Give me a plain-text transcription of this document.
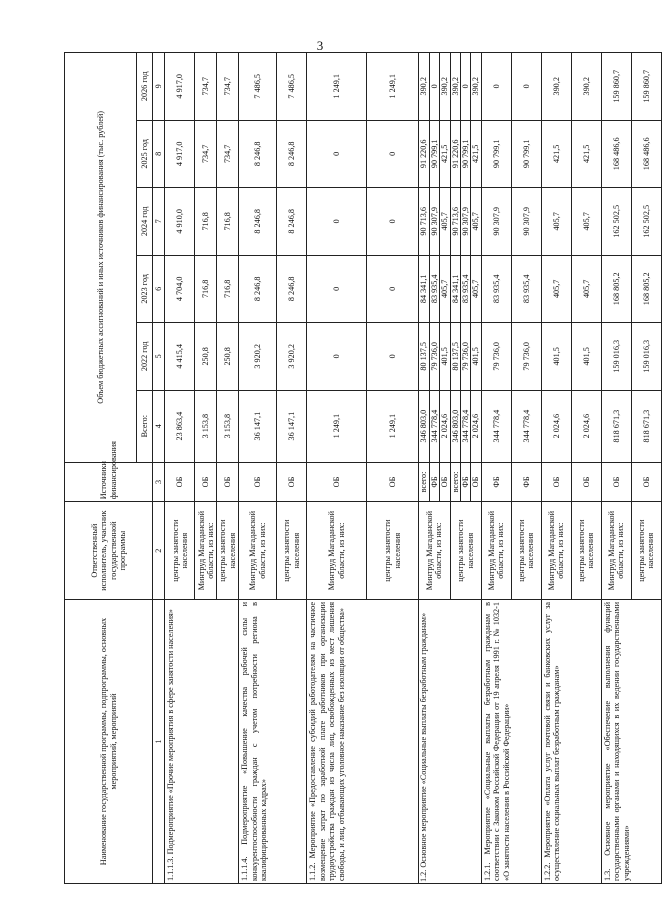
3
Наименование государственной программы, подпрограммы, основных мероприятий, мероприятий	Ответственный исполнитель, участник государственной программы	Источники финансирования	Объем бюджетных ассигнований и иных источников финансирования (тыс. рублей)					
			Всего:	2022 год	2023 год	2024 год	2025 год	2026 год
1	2	3	4	5	6	7	8	9
1.1.1.3. Подмероприятие «Прочие мероприятия в сфере занятости населения»	центры занятости населения	ОБ	23 863,4	4 415,4	4 704,0	4 910,0	4 917,0	4 917,0
	Минтруд Магаданской области, из них:	ОБ	3 153,8	250,8	716,8	716,8	734,7	734,7
	центры занятости населения	ОБ	3 153,8	250,8	716,8	716,8	734,7	734,7
1.1.1.4. Подмероприятие «Повышение качества рабочей силы и конкурентоспособности граждан с учетом потребности региона в квалифицированных кадрах»	Минтруд Магаданской области, из них:	ОБ	36 147,1	3 920,2	8 246,8	8 246,8	8 246,8	7 486,5
	центры занятости населения	ОБ	36 147,1	3 920,2	8 246,8	8 246,8	8 246,8	7 486,5
1.1.2. Мероприятие «Предоставление субсидий работодателям на частичное возмещение затрат по заработной плате работников при организации трудоустройства граждан из числа лиц, освобожденных из мест лишения свободы, и лиц, отбывающих уголовное наказание без изоляции от общества»	Минтруд Магаданской области, из них:	ОБ	1 249,1	0	0	0	0	1 249,1
	центры занятости населения	ОБ	1 249,1	0	0	0	0	1 249,1
1.2. Основное мероприятие «Социальные выплаты безработным гражданам»	Минтруд Магаданской области, из них:	всего:	346 803,0	80 137,5	84 341,1	90 713,6	91 220,6	390,2
		ФБ	344 778,4	79 736,0	83 935,4	90 307,9	90 799,1	0
		ОБ	2 024,6	401,5	405,7	405,7	421,5	390,2
	центры занятости населения	всего:	346 803,0	80 137,5	84 341,1	90 713,6	91 220,6	390,2
		ФБ	344 778,4	79 736,0	83 935,4	90 307,9	90 799,1	0
		ОБ	2 024,6	401,5	405,7	405,7	421,5	390,2
1.2.1. Мероприятие «Социальные выплаты безработным гражданам в соответствии с Законом Российской Федерации от 19 апреля 1991 г. № 1032-1 «О занятости населения в Российской Федерации»	Минтруд Магаданской области, из них:	ФБ	344 778,4	79 736,0	83 935,4	90 307,9	90 799,1	0
	центры занятости населения	ФБ	344 778,4	79 736,0	83 935,4	90 307,9	90 799,1	0
1.2.2. Мероприятие «Оплата услуг почтовой связи и банковских услуг за осуществление социальных выплат безработным гражданам»	Минтруд Магаданской области, из них:	ОБ	2 024,6	401,5	405,7	405,7	421,5	390,2
	центры занятости населения	ОБ	2 024,6	401,5	405,7	405,7	421,5	390,2
1.3. Основное мероприятие «Обеспечение выполнения функций государственными органами и находящихся в их ведении государственными учреждениями»	Минтруд Магаданской области, из них:	ОБ	818 671,3	159 016,3	168 805,2	162 502,5	168 486,6	159 860,7
	центры занятости населения	ОБ	818 671,3	159 016,3	168 805,2	162 502,5	168 486,6	159 860,7
